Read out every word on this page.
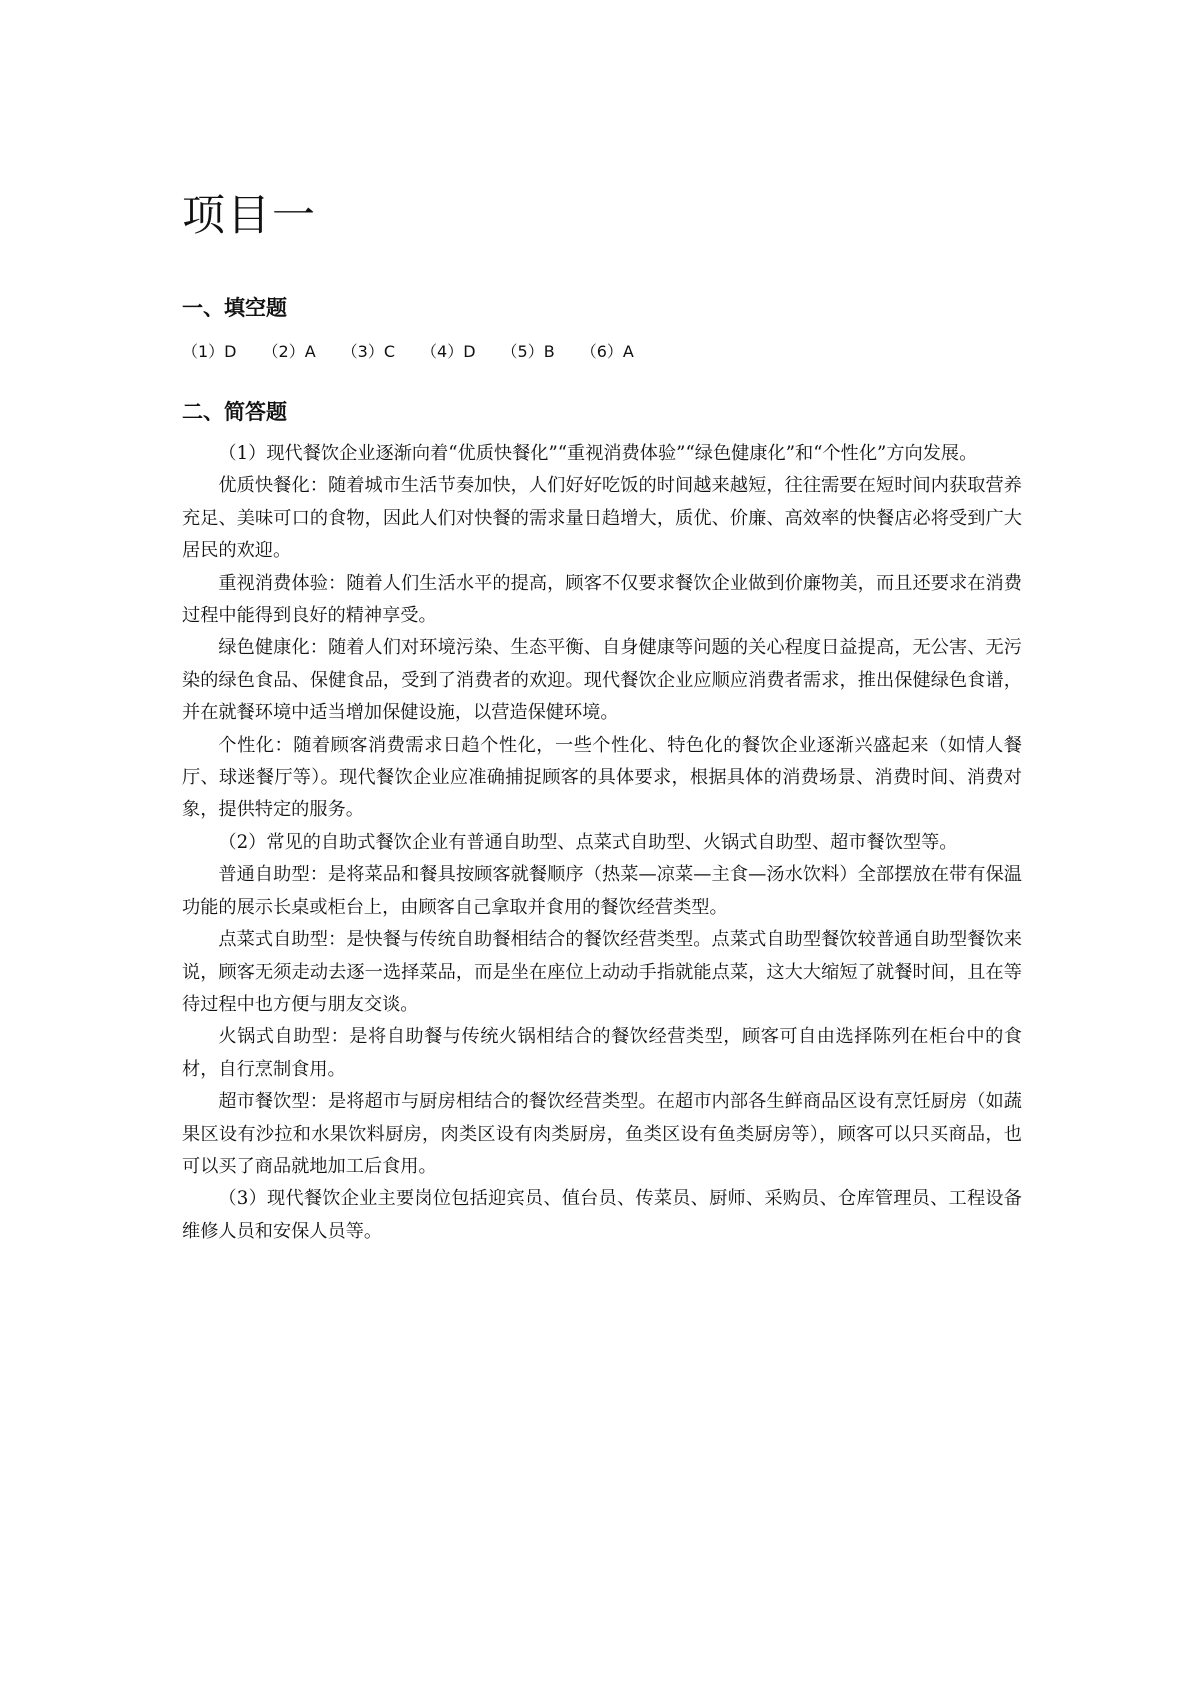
项目一
一、填空题
（1）D （2）A （3）C （4）D （5）B （6）A
二、简答题

（1）现代餐饮企业逐渐向着“优质快餐化”“重视消费体验”“绿色健康化”和“个性化”方向发展。

优质快餐化：随着城市生活节奏加快，人们好好吃饭的时间越来越短，往往需要在短时间内获取营养充足、美味可口的食物，因此人们对快餐的需求量日趋增大，质优、价廉、高效率的快餐店必将受到广大居民的欢迎。

重视消费体验：随着人们生活水平的提高，顾客不仅要求餐饮企业做到价廉物美，而且还要求在消费过程中能得到良好的精神享受。

绿色健康化：随着人们对环境污染、生态平衡、自身健康等问题的关心程度日益提高，无公害、无污染的绿色食品、保健食品，受到了消费者的欢迎。现代餐饮企业应顺应消费者需求，推出保健绿色食谱，并在就餐环境中适当增加保健设施，以营造保健环境。

个性化：随着顾客消费需求日趋个性化，一些个性化、特色化的餐饮企业逐渐兴盛起来（如情人餐厅、球迷餐厅等）。现代餐饮企业应准确捕捉顾客的具体要求，根据具体的消费场景、消费时间、消费对象，提供特定的服务。

（2）常见的自助式餐饮企业有普通自助型、点菜式自助型、火锅式自助型、超市餐饮型等。

普通自助型：是将菜品和餐具按顾客就餐顺序（热菜—凉菜—主食—汤水饮料）全部摆放在带有保温功能的展示长桌或柜台上，由顾客自己拿取并食用的餐饮经营类型。

点菜式自助型：是快餐与传统自助餐相结合的餐饮经营类型。点菜式自助型餐饮较普通自助型餐饮来说，顾客无须走动去逐一选择菜品，而是坐在座位上动动手指就能点菜，这大大缩短了就餐时间，且在等待过程中也方便与朋友交谈。

火锅式自助型：是将自助餐与传统火锅相结合的餐饮经营类型，顾客可自由选择陈列在柜台中的食材，自行烹制食用。

超市餐饮型：是将超市与厨房相结合的餐饮经营类型。在超市内部各生鲜商品区设有烹饪厨房（如蔬果区设有沙拉和水果饮料厨房，肉类区设有肉类厨房，鱼类区设有鱼类厨房等），顾客可以只买商品，也可以买了商品就地加工后食用。

（3）现代餐饮企业主要岗位包括迎宾员、值台员、传菜员、厨师、采购员、仓库管理员、工程设备维修人员和安保人员等。
